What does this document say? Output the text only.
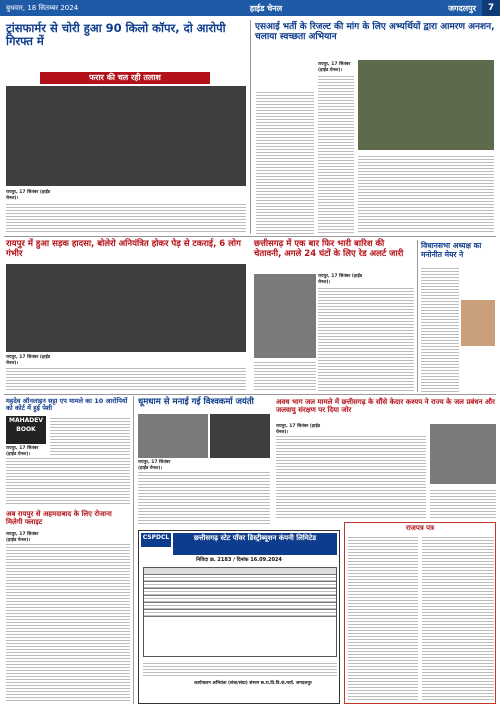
बुधवार, 18 सितम्बर 2024	हाईड चेनल	जगदलपुर	7
ट्रांसफार्मर से चोरी हुआ 90 किलो कॉपर, दो आरोपी गिरफ्त में
फरार की चल रही तलाश
रायपुर, 17 सितंबर (हाईड चेनल)।
एसआई भर्ती के रिजल्ट की मांग के लिए अभ्यर्थियों द्वारा आमरण अनशन, चलाया स्वच्छता अभियान
रायपुर, 17 सितंबर (हाईड चेनल)।
रायपुर में हुआ सड़क हादसा, बोलेरो अनियंत्रित होकर पेड़ से टकराई, 6 लोग गंभीर
रायपुर, 17 सितंबर (हाईड चेनल)।
छत्तीसगढ़ में एक बार फिर भारी बारिश की चेतावनी, अगले 24 घंटों के लिए रेड अलर्ट जारी
रायपुर, 17 सितंबर (हाईड चेनल)।
विधानसभा अध्यक्ष का मनोनीत मेयर ने
महदेव ऑनलाइन सट्टा एप मामले का 10 आरोपियों को कोर्ट में हुई पेशी
MAHADEV BOOK
रायपुर, 17 सितंबर (हाईड चेनल)।
अब रायपुर से अहमदाबाद के लिए रोजाना मिलेगी फ्लाइट
रायपुर, 17 सितंबर (हाईड चेनल)।
धूमधाम से मनाई गई विश्वकर्मा जयंती
रायपुर, 17 सितंबर (हाईड चेनल)।
अवध भाग जल मामले में छत्तीसगढ़ के सौंसे केदार कश्यप ने राज्य के जल प्रबंधन और जलवायु संरक्षण पर दिया जोर
रायपुर, 17 सितंबर (हाईड चेनल)।
CSPDCL	छत्तीसगढ़ स्टेट पॉवर डिस्ट्रीब्यूशन कंपनी लिमिटेड
निविदा क्र. 2183 / दिनांक 16.09.2024
कार्यपालन अभियंता (संचा/संधा) संभाग छ.रा.वि.वि.कं.मर्या. जगदलपुर
राजपत्र पत्र
